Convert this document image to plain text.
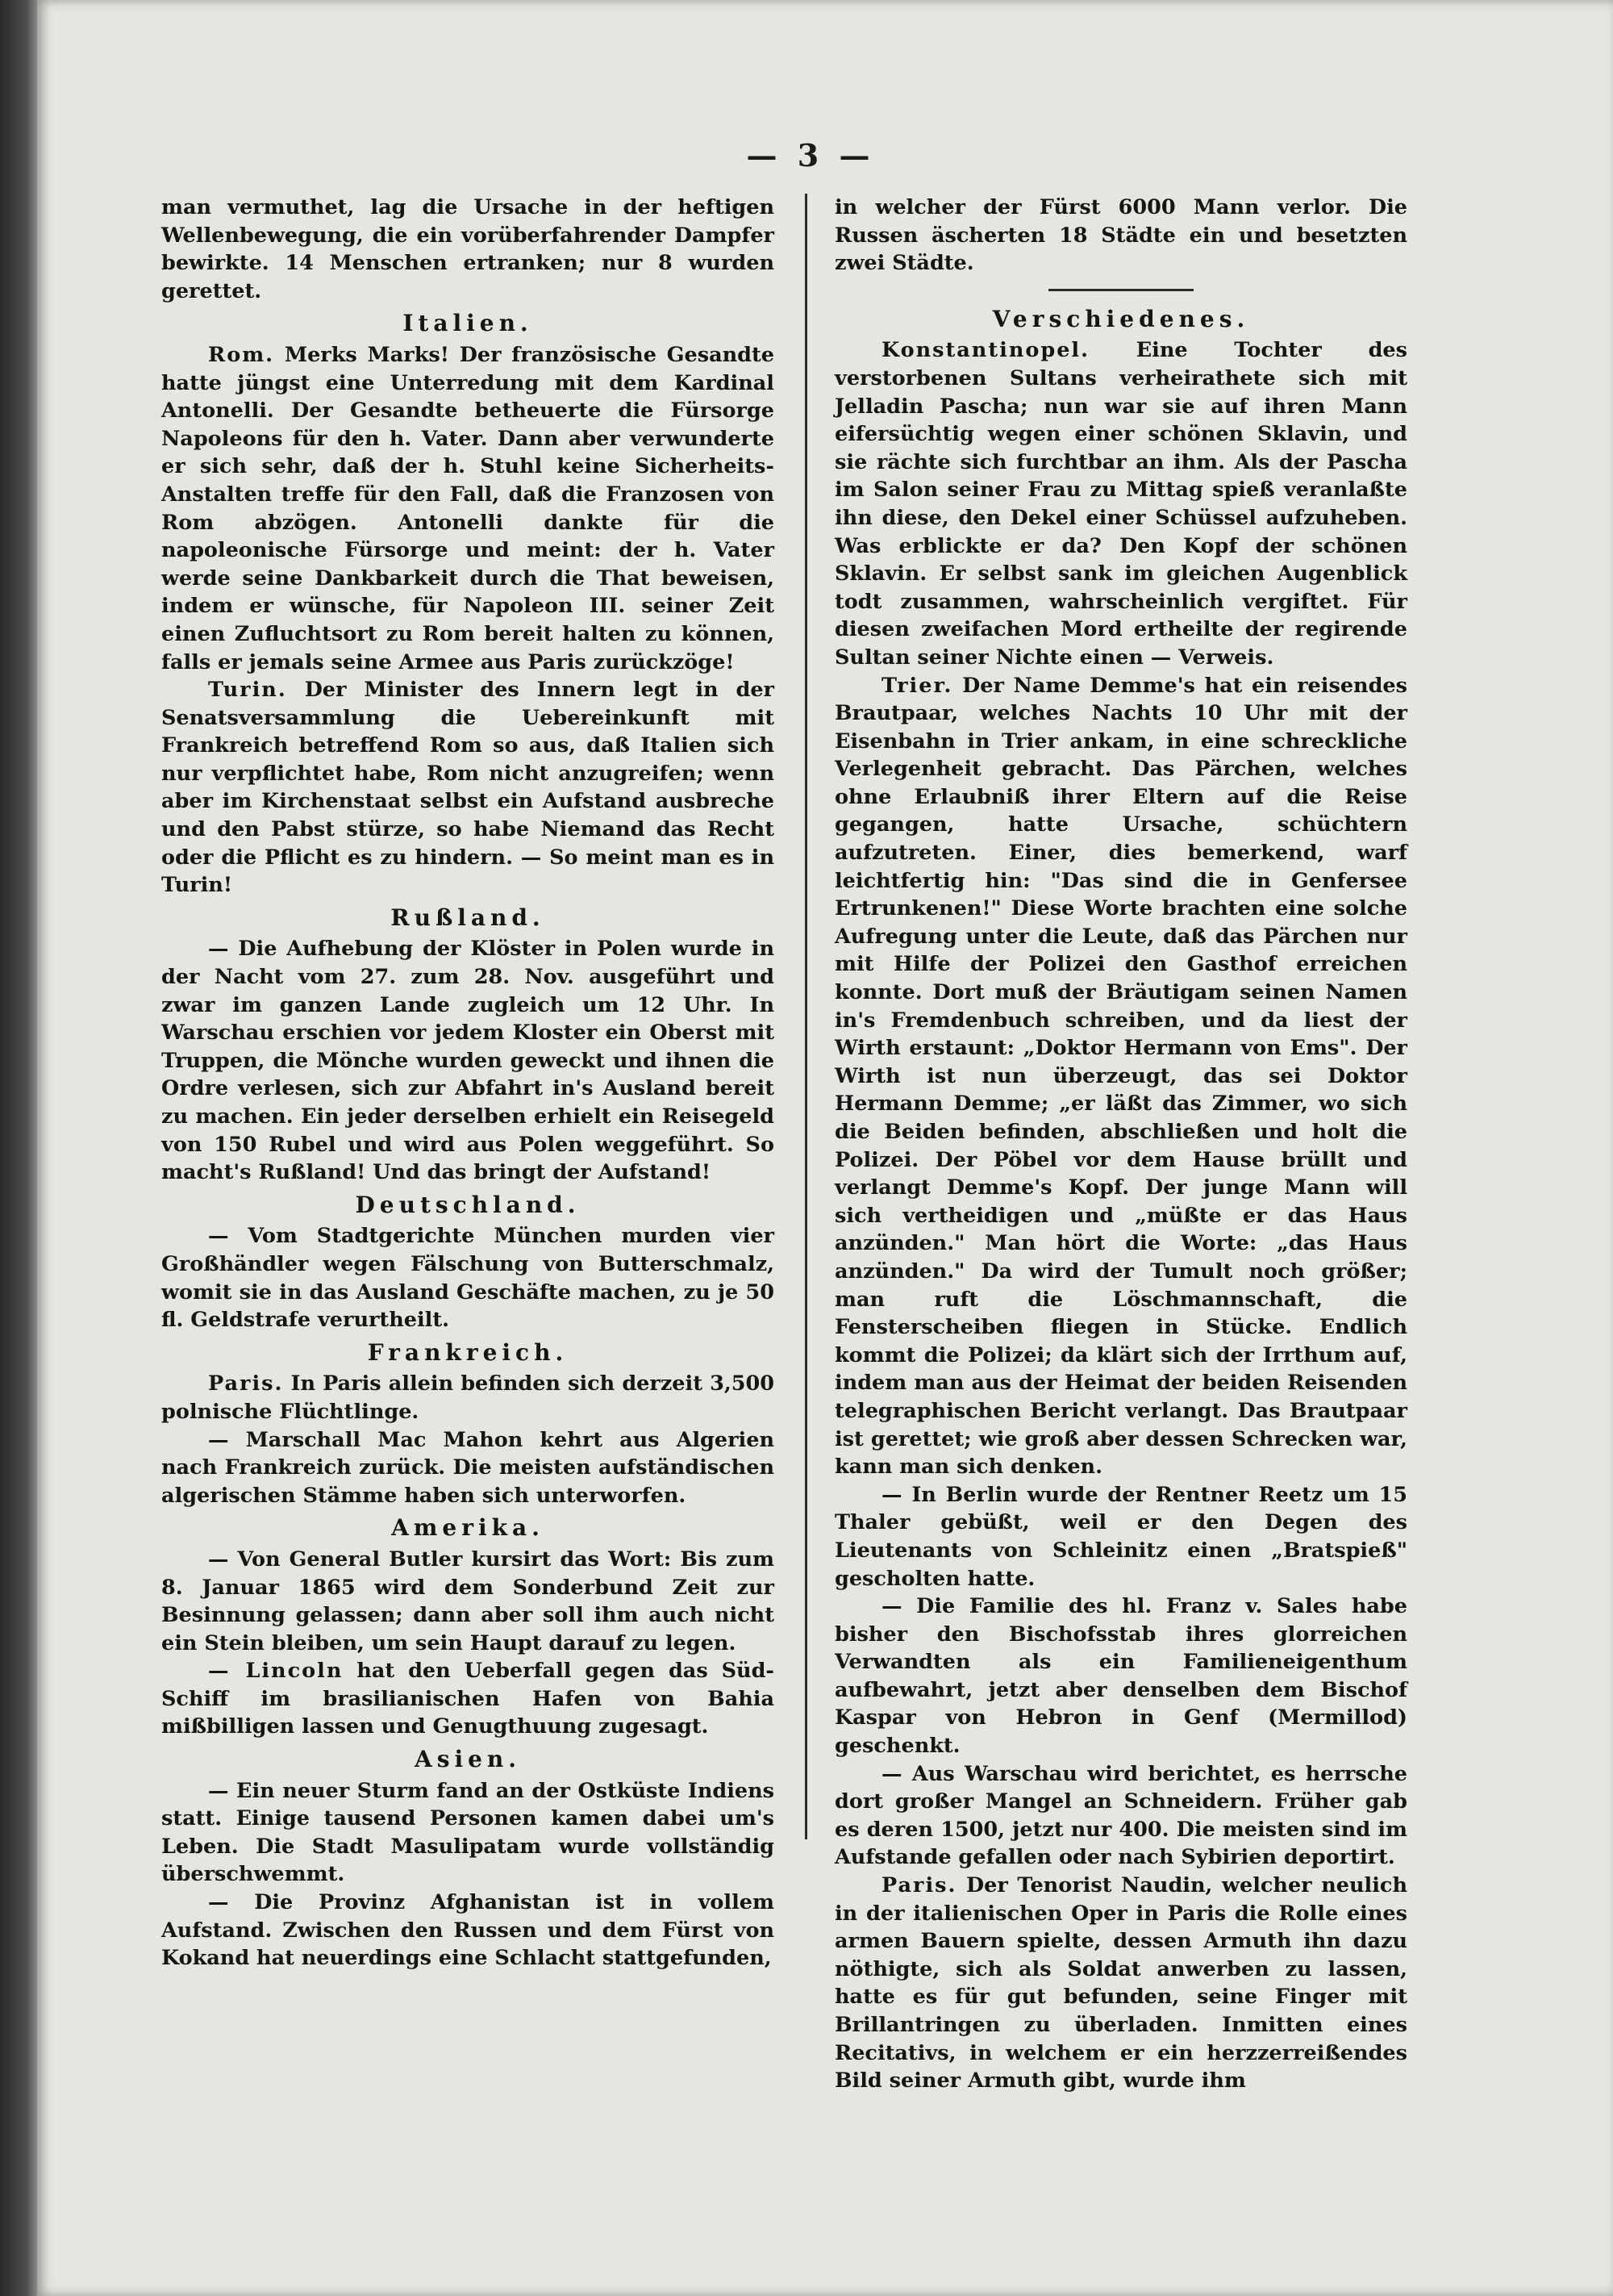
— 3 —

man vermuthet, lag die Ursache in der heftigen Wellenbewegung, die ein vorüberfahrender Dampfer bewirkte. 14 Menschen ertranken; nur 8 wurden gerettet.

Italien.

Rom. Merks Marks! Der französische Gesandte hatte jüngst eine Unterredung mit dem Kardinal Antonelli. Der Gesandte betheuerte die Fürsorge Napoleons für den h. Vater. Dann aber verwunderte er sich sehr, daß der h. Stuhl keine Sicherheits-Anstalten treffe für den Fall, daß die Franzosen von Rom abzögen. Antonelli dankte für die napoleonische Fürsorge und meint: der h. Vater werde seine Dankbarkeit durch die That beweisen, indem er wünsche, für Napoleon III. seiner Zeit einen Zufluchtsort zu Rom bereit halten zu können, falls er jemals seine Armee aus Paris zurückzöge!

Turin. Der Minister des Innern legt in der Senatsversammlung die Uebereinkunft mit Frankreich betreffend Rom so aus, daß Italien sich nur verpflichtet habe, Rom nicht anzugreifen; wenn aber im Kirchenstaat selbst ein Aufstand ausbreche und den Pabst stürze, so habe Niemand das Recht oder die Pflicht es zu hindern. — So meint man es in Turin!

Rußland.

— Die Aufhebung der Klöster in Polen wurde in der Nacht vom 27. zum 28. Nov. ausgeführt und zwar im ganzen Lande zugleich um 12 Uhr. In Warschau erschien vor jedem Kloster ein Oberst mit Truppen, die Mönche wurden geweckt und ihnen die Ordre verlesen, sich zur Abfahrt in's Ausland bereit zu machen. Ein jeder derselben erhielt ein Reisegeld von 150 Rubel und wird aus Polen weggeführt. So macht's Rußland! Und das bringt der Aufstand!

Deutschland.

— Vom Stadtgerichte München murden vier Großhändler wegen Fälschung von Butterschmalz, womit sie in das Ausland Geschäfte machen, zu je 50 fl. Geldstrafe verurtheilt.

Frankreich.

Paris. In Paris allein befinden sich derzeit 3,500 polnische Flüchtlinge.

— Marschall Mac Mahon kehrt aus Algerien nach Frankreich zurück. Die meisten aufständischen algerischen Stämme haben sich unterworfen.

Amerika.

— Von General Butler kursirt das Wort: Bis zum 8. Januar 1865 wird dem Sonderbund Zeit zur Besinnung gelassen; dann aber soll ihm auch nicht ein Stein bleiben, um sein Haupt darauf zu legen.

— Lincoln hat den Ueberfall gegen das Süd-Schiff im brasilianischen Hafen von Bahia mißbilligen lassen und Genugthuung zugesagt.

Asien.

— Ein neuer Sturm fand an der Ostküste Indiens statt. Einige tausend Personen kamen dabei um's Leben. Die Stadt Masulipatam wurde vollständig überschwemmt.

— Die Provinz Afghanistan ist in vollem Aufstand. Zwischen den Russen und dem Fürst von Kokand hat neuerdings eine Schlacht stattgefunden,

in welcher der Fürst 6000 Mann verlor. Die Russen äscherten 18 Städte ein und besetzten zwei Städte.

Verschiedenes.

Konstantinopel. Eine Tochter des verstorbenen Sultans verheirathete sich mit Jelladin Pascha; nun war sie auf ihren Mann eifersüchtig wegen einer schönen Sklavin, und sie rächte sich furchtbar an ihm. Als der Pascha im Salon seiner Frau zu Mittag spieß veranlaßte ihn diese, den Dekel einer Schüssel aufzuheben. Was erblickte er da? Den Kopf der schönen Sklavin. Er selbst sank im gleichen Augenblick todt zusammen, wahrscheinlich vergiftet. Für diesen zweifachen Mord ertheilte der regirende Sultan seiner Nichte einen — Verweis.

Trier. Der Name Demme's hat ein reisendes Brautpaar, welches Nachts 10 Uhr mit der Eisenbahn in Trier ankam, in eine schreckliche Verlegenheit gebracht. Das Pärchen, welches ohne Erlaubniß ihrer Eltern auf die Reise gegangen, hatte Ursache, schüchtern aufzutreten. Einer, dies bemerkend, warf leichtfertig hin: "Das sind die in Genfersee Ertrunkenen!" Diese Worte brachten eine solche Aufregung unter die Leute, daß das Pärchen nur mit Hilfe der Polizei den Gasthof erreichen konnte. Dort muß der Bräutigam seinen Namen in's Fremdenbuch schreiben, und da liest der Wirth erstaunt: „Doktor Hermann von Ems". Der Wirth ist nun überzeugt, das sei Doktor Hermann Demme; „er läßt das Zimmer, wo sich die Beiden befinden, abschließen und holt die Polizei. Der Pöbel vor dem Hause brüllt und verlangt Demme's Kopf. Der junge Mann will sich vertheidigen und „müßte er das Haus anzünden." Man hört die Worte: „das Haus anzünden." Da wird der Tumult noch größer; man ruft die Löschmannschaft, die Fensterscheiben fliegen in Stücke. Endlich kommt die Polizei; da klärt sich der Irrthum auf, indem man aus der Heimat der beiden Reisenden telegraphischen Bericht verlangt. Das Brautpaar ist gerettet; wie groß aber dessen Schrecken war, kann man sich denken.

— In Berlin wurde der Rentner Reetz um 15 Thaler gebüßt, weil er den Degen des Lieutenants von Schleinitz einen „Bratspieß" gescholten hatte.

— Die Familie des hl. Franz v. Sales habe bisher den Bischofsstab ihres glorreichen Verwandten als ein Familieneigenthum aufbewahrt, jetzt aber denselben dem Bischof Kaspar von Hebron in Genf (Mermillod) geschenkt.

— Aus Warschau wird berichtet, es herrsche dort großer Mangel an Schneidern. Früher gab es deren 1500, jetzt nur 400. Die meisten sind im Aufstande gefallen oder nach Sybirien deportirt.

Paris. Der Tenorist Naudin, welcher neulich in der italienischen Oper in Paris die Rolle eines armen Bauern spielte, dessen Armuth ihn dazu nöthigte, sich als Soldat anwerben zu lassen, hatte es für gut befunden, seine Finger mit Brillantringen zu überladen. Inmitten eines Recitativs, in welchem er ein herzzerreißendes Bild seiner Armuth gibt, wurde ihm
